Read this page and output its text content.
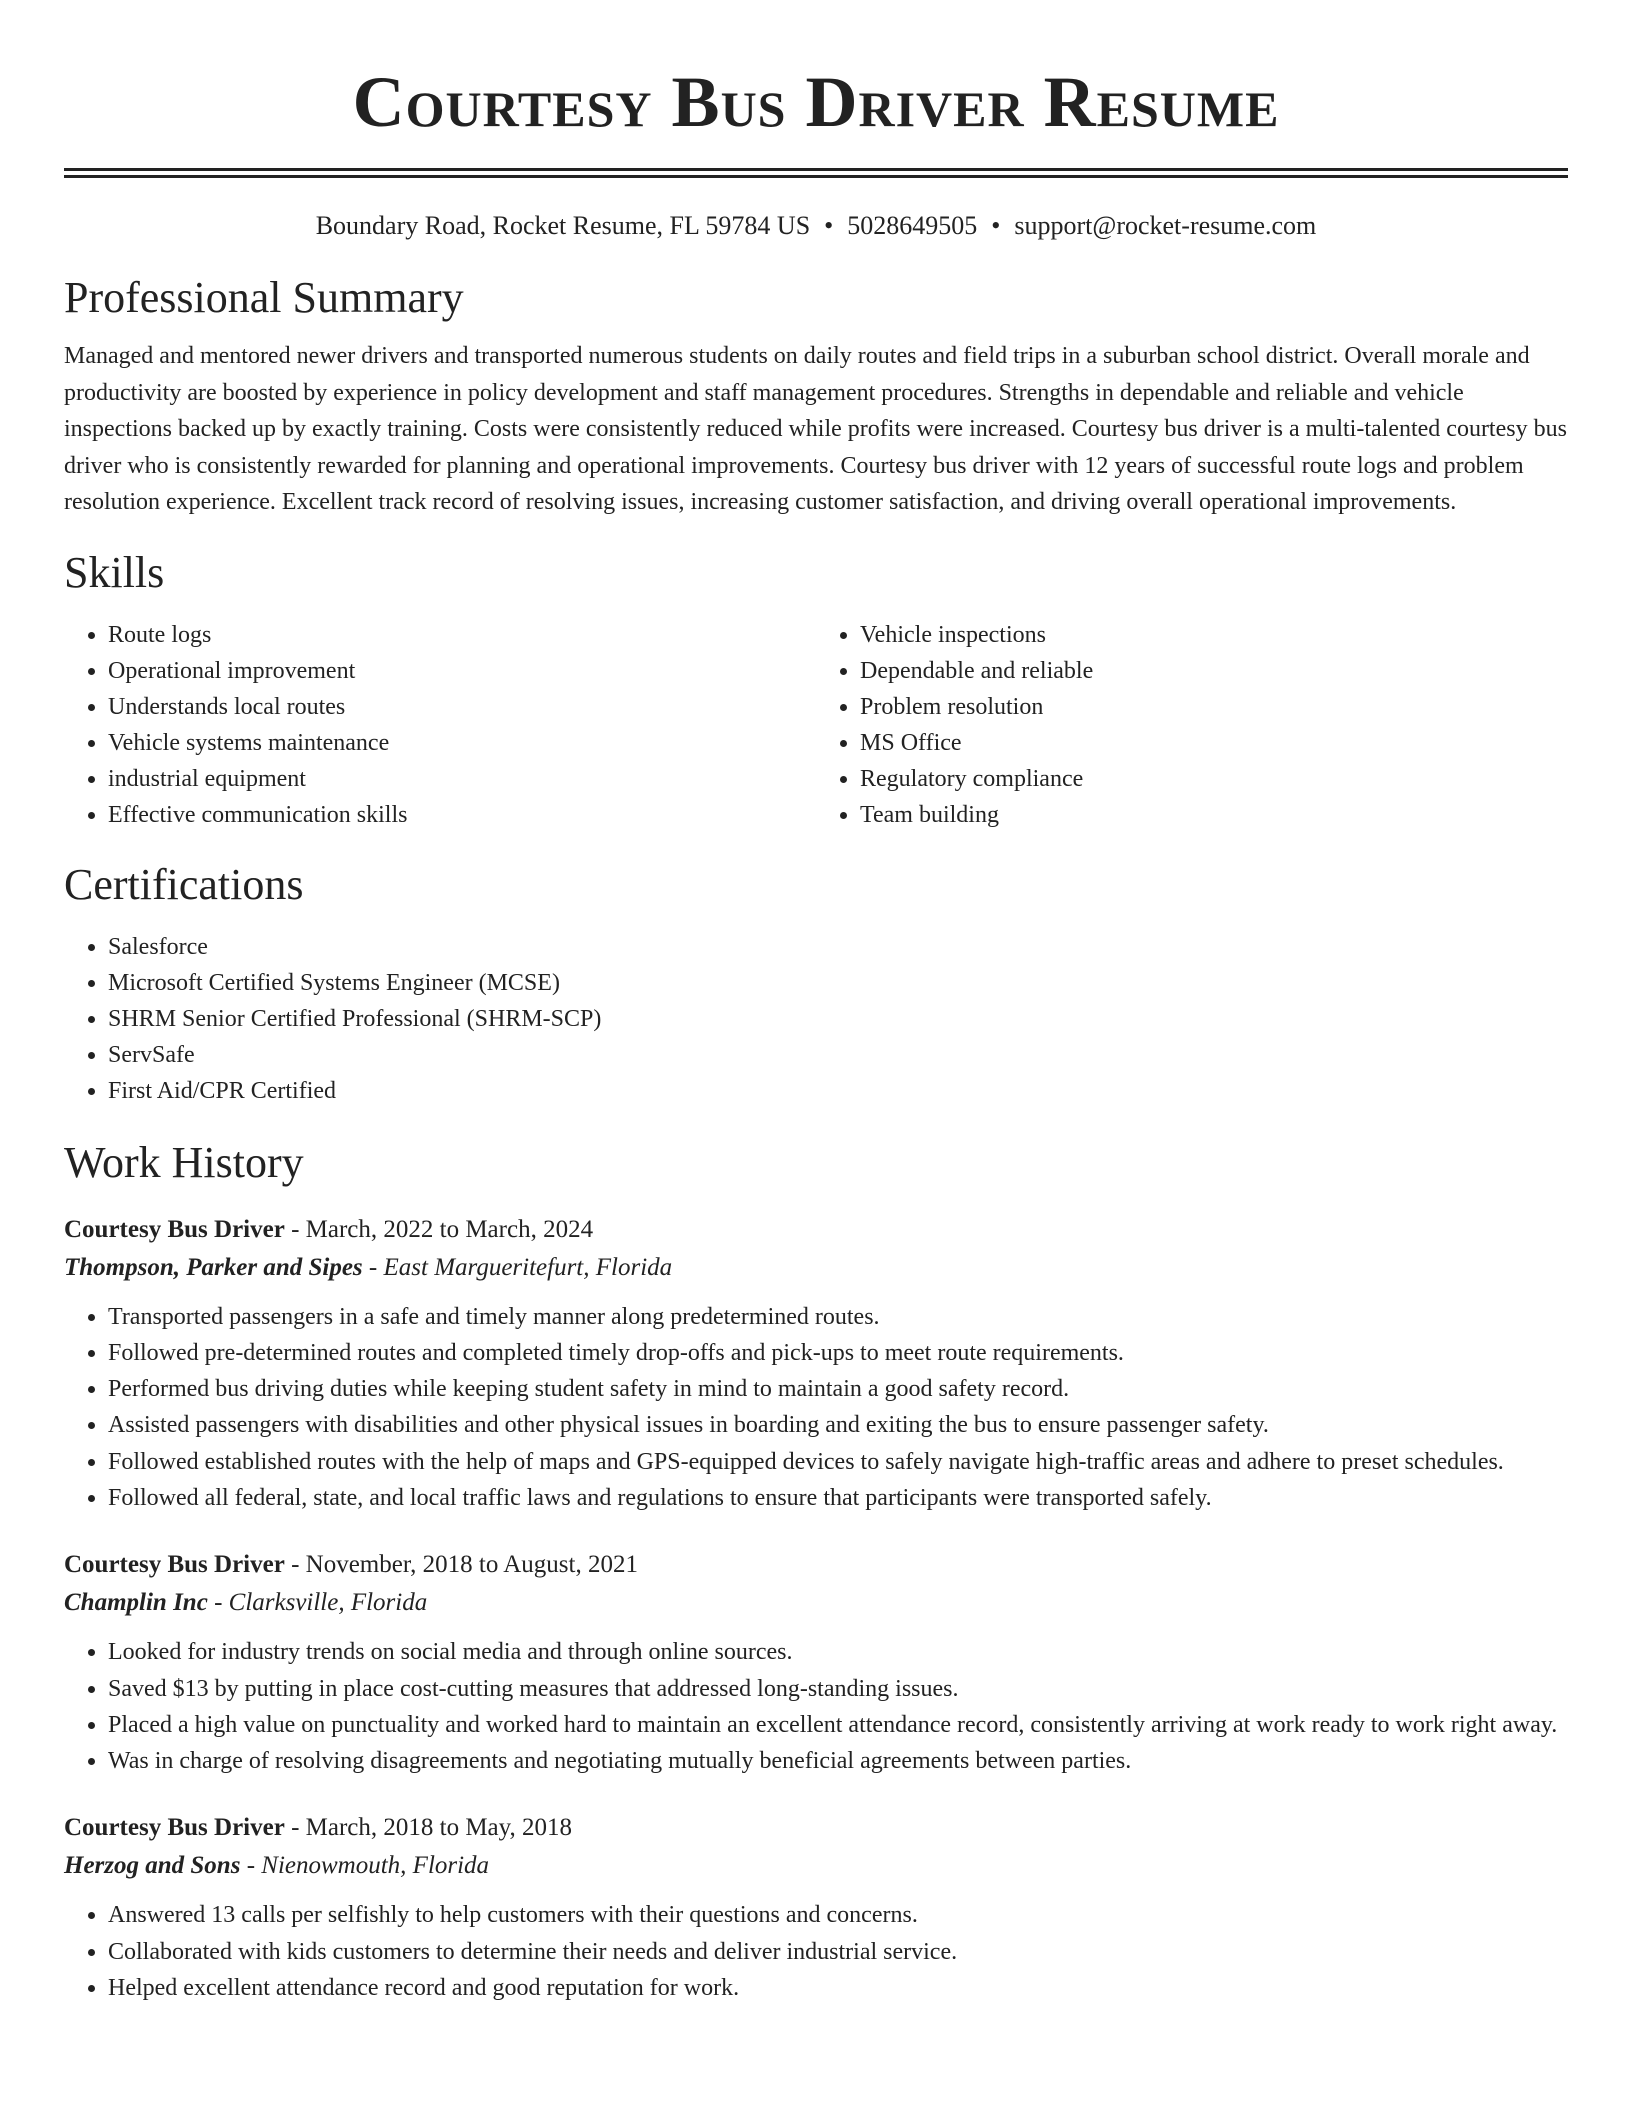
Courtesy Bus Driver Resume
Boundary Road, Rocket Resume, FL 59784 US • 5028649505 • support@rocket-resume.com
Professional Summary

Managed and mentored newer drivers and transported numerous students on daily routes and field trips in a suburban school district. Overall morale and productivity are boosted by experience in policy development and staff management procedures. Strengths in dependable and reliable and vehicle inspections backed up by exactly training. Costs were consistently reduced while profits were increased. Courtesy bus driver is a multi-talented courtesy bus driver who is consistently rewarded for planning and operational improvements. Courtesy bus driver with 12 years of successful route logs and problem resolution experience. Excellent track record of resolving issues, increasing customer satisfaction, and driving overall operational improvements.

Skills
• Route logs
• Operational improvement
• Understands local routes
• Vehicle systems maintenance
• industrial equipment
• Effective communication skills
• Vehicle inspections
• Dependable and reliable
• Problem resolution
• MS Office
• Regulatory compliance
• Team building
Certifications
• Salesforce
• Microsoft Certified Systems Engineer (MCSE)
• SHRM Senior Certified Professional (SHRM-SCP)
• ServSafe
• First Aid/CPR Certified
Work History
Courtesy Bus Driver - March, 2022 to March, 2024
Thompson, Parker and Sipes - East Margueritefurt, Florida
• Transported passengers in a safe and timely manner along predetermined routes.
• Followed pre-determined routes and completed timely drop-offs and pick-ups to meet route requirements.
• Performed bus driving duties while keeping student safety in mind to maintain a good safety record.
• Assisted passengers with disabilities and other physical issues in boarding and exiting the bus to ensure passenger safety.
• Followed established routes with the help of maps and GPS-equipped devices to safely navigate high-traffic areas and adhere to preset schedules.
• Followed all federal, state, and local traffic laws and regulations to ensure that participants were transported safely.
Courtesy Bus Driver - November, 2018 to August, 2021
Champlin Inc - Clarksville, Florida
• Looked for industry trends on social media and through online sources.
• Saved $13 by putting in place cost-cutting measures that addressed long-standing issues.
• Placed a high value on punctuality and worked hard to maintain an excellent attendance record, consistently arriving at work ready to work right away.
• Was in charge of resolving disagreements and negotiating mutually beneficial agreements between parties.
Courtesy Bus Driver - March, 2018 to May, 2018
Herzog and Sons - Nienowmouth, Florida
• Answered 13 calls per selfishly to help customers with their questions and concerns.
• Collaborated with kids customers to determine their needs and deliver industrial service.
• Helped excellent attendance record and good reputation for work.
